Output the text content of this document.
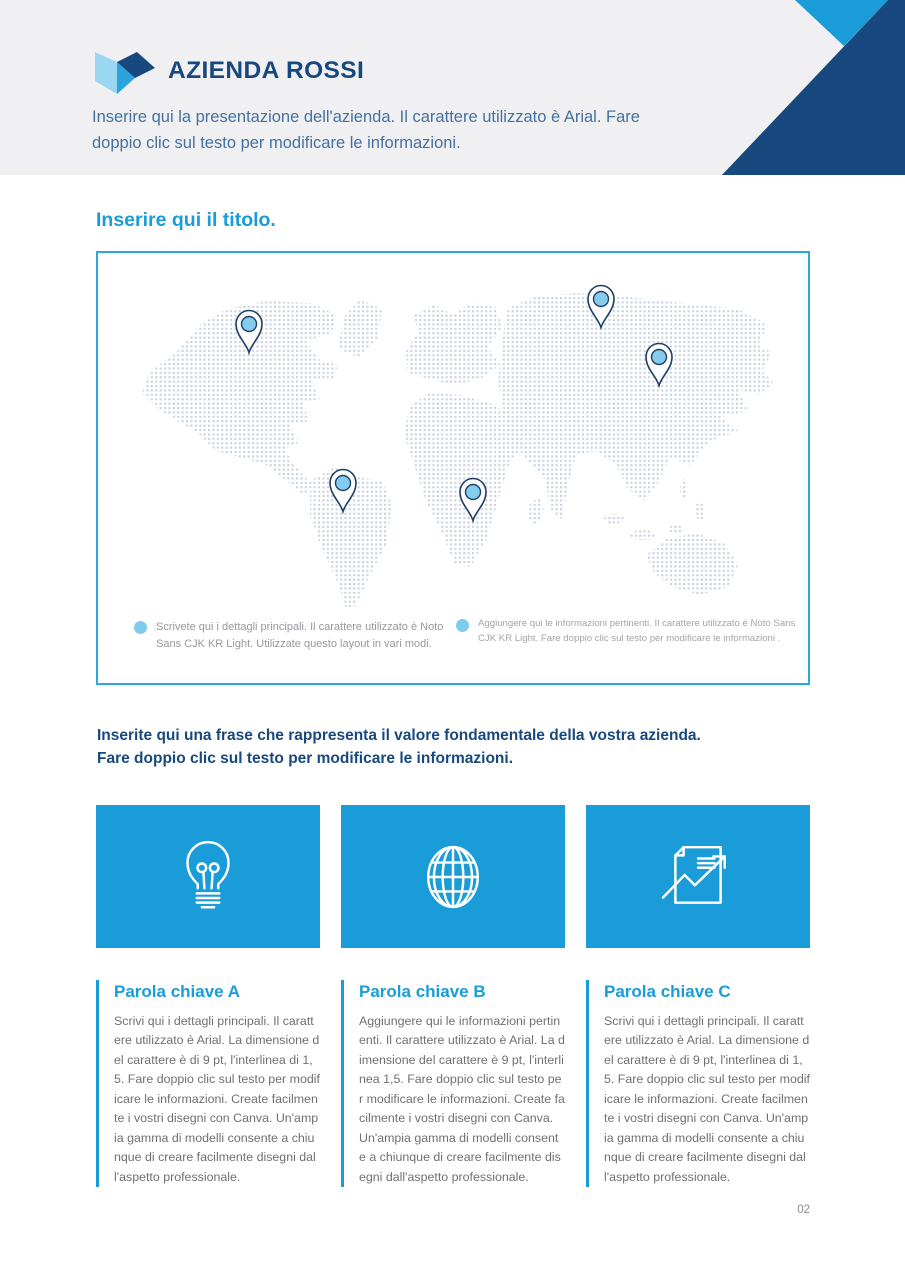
AZIENDA ROSSI
Inserire qui la presentazione dell'azienda. Il carattere utilizzato è Arial. Fare doppio clic sul testo per modificare le informazioni.
Inserire qui il titolo.
Scrivete qui i dettagli principali. Il carattere utilizzato è Noto Sans CJK KR Light. Utilizzate questo layout in vari modi.
Aggiungere qui le informazioni pertinenti. Il carattere utilizzato è Noto Sans CJK KR Light. Fare doppio clic sul testo per modificare le informazioni .
Inserite qui una frase che rappresenta il valore fondamentale della vostra azienda.
Fare doppio clic sul testo per modificare le informazioni.
Parola chiave A
Scrivi qui i dettagli principali. Il carattere utilizzato è Arial. La dimensione del carattere è di 9 pt, l'interlinea di 1,5. Fare doppio clic sul testo per modificare le informazioni. Create facilmente i vostri disegni con Canva. Un'ampia gamma di modelli consente a chiunque di creare facilmente disegni dall'aspetto professionale.
Parola chiave B
Aggiungere qui le informazioni pertinenti. Il carattere utilizzato è Arial. La dimensione del carattere è 9 pt, l'interlinea 1,5. Fare doppio clic sul testo per modificare le informazioni. Create facilmente i vostri disegni con Canva. Un'ampia gamma di modelli consente a chiunque di creare facilmente disegni dall'aspetto professionale.
Parola chiave C
Scrivi qui i dettagli principali. Il carattere utilizzato è Arial. La dimensione del carattere è di 9 pt, l'interlinea di 1,5. Fare doppio clic sul testo per modificare le informazioni. Create facilmente i vostri disegni con Canva. Un'ampia gamma di modelli consente a chiunque di creare facilmente disegni dall'aspetto professionale.
02
